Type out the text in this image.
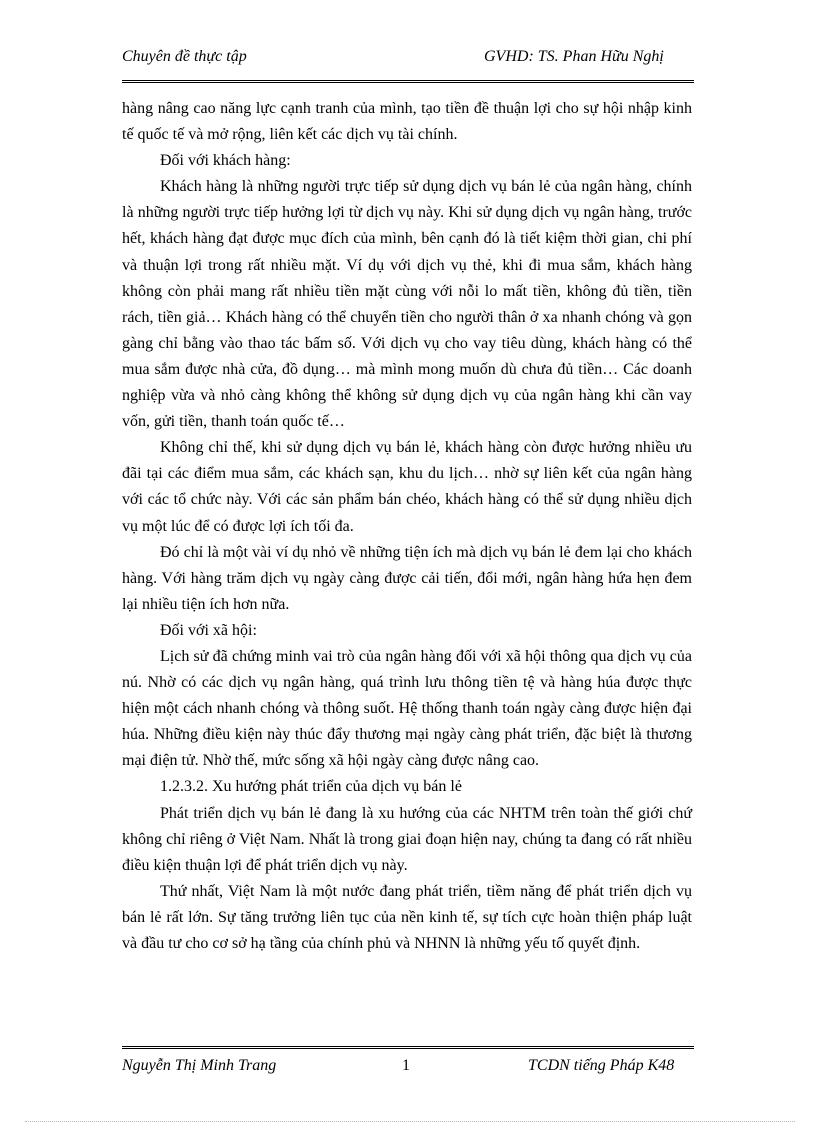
Chuyên đề thực tập	GVHD: TS. Phan Hữu Nghị

hàng nâng cao năng lực cạnh tranh của mình, tạo tiền đề thuận lợi cho sự hội nhập kinh tế quốc tế và mở rộng, liên kết các dịch vụ tài chính.

Đối với khách hàng:

Khách hàng là những người trực tiếp sử dụng dịch vụ bán lẻ của ngân hàng, chính là những người trực tiếp hưởng lợi từ dịch vụ này. Khi sử dụng dịch vụ ngân hàng, trước hết, khách hàng đạt được mục đích của mình, bên cạnh đó là tiết kiệm thời gian, chi phí và thuận lợi trong rất nhiều mặt. Ví dụ với dịch vụ thẻ, khi đi mua sắm, khách hàng không còn phải mang rất nhiều tiền mặt cùng với nỗi lo mất tiền, không đủ tiền, tiền rách, tiền giả… Khách hàng có thể chuyển tiền cho người thân ở xa nhanh chóng và gọn gàng chỉ bằng vào thao tác bấm số. Với dịch vụ cho vay tiêu dùng, khách hàng có thể mua sắm được nhà cửa, đồ dụng… mà mình mong muốn dù chưa đủ tiền… Các doanh nghiệp vừa và nhỏ càng không thể không sử dụng dịch vụ của ngân hàng khi cần vay vốn, gửi tiền, thanh toán quốc tế…

Không chỉ thế, khi sử dụng dịch vụ bán lẻ, khách hàng còn được hưởng nhiều ưu đãi tại các điểm mua sắm, các khách sạn, khu du lịch… nhờ sự liên kết của ngân hàng với các tổ chức này. Với các sản phẩm bán chéo, khách hàng có thể sử dụng nhiều dịch vụ một lúc để có được lợi ích tối đa.

Đó chỉ là một vài ví dụ nhỏ về những tiện ích mà dịch vụ bán lẻ đem lại cho khách hàng. Với hàng trăm dịch vụ ngày càng được cải tiến, đổi mới, ngân hàng hứa hẹn đem lại nhiều tiện ích hơn nữa.

Đối với xã hội:

Lịch sử đã chứng minh vai trò của ngân hàng đối với xã hội thông qua dịch vụ của nú. Nhờ có các dịch vụ ngân hàng, quá trình lưu thông tiền tệ và hàng húa được thực hiện một cách nhanh chóng và thông suốt. Hệ thống thanh toán ngày càng được hiện đại húa. Những điều kiện này thúc đẩy thương mại ngày càng phát triển, đặc biệt là thương mại điện tử. Nhờ thế, mức sống xã hội ngày càng được nâng cao.

1.2.3.2. Xu hướng phát triển của dịch vụ bán lẻ

Phát triển dịch vụ bán lẻ đang là xu hướng của các NHTM trên toàn thế giới chứ không chỉ riêng ở Việt Nam. Nhất là trong giai đoạn hiện nay, chúng ta đang có rất nhiều điều kiện thuận lợi để phát triển dịch vụ này.

Thứ nhất, Việt Nam là một nước đang phát triển, tiềm năng để phát triển dịch vụ bán lẻ rất lớn. Sự tăng trưởng liên tục của nền kinh tế, sự tích cực hoàn thiện pháp luật và đầu tư cho cơ sở hạ tầng của chính phủ và NHNN là những yếu tố quyết định.

Nguyễn Thị Minh Trang	1	TCDN tiếng Pháp K48
